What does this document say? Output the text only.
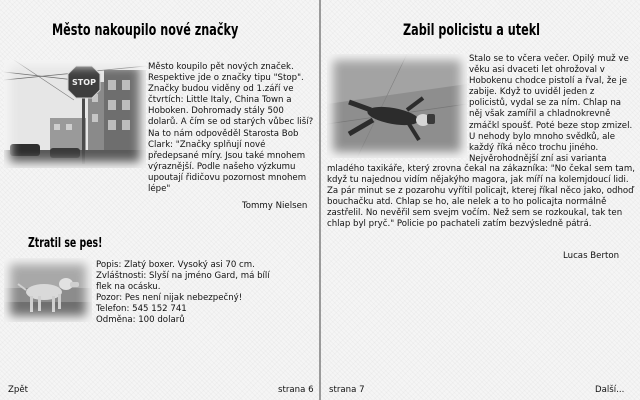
Město nakoupilo nové značky
STOP

Město koupilo pět nových značek. Respektive jde o značky tipu "Stop". Značky budou viděny od 1.září ve čtvrtích: Little Italy, China Town a Hoboken. Dohromady stály 500 dolarů. A čím se od starých vůbec liší? Na to nám odpověděl Starosta Bob Clark: "Značky splňují nové předepsané míry. Jsou také mnohem výraznější. Podle našeho výzkumu upoutají řidičovu pozornost mnohem lépe"

Tommy Nielsen

Ztratil se pes!
Popis: Zlatý boxer. Vysoký asi 70 cm.
Zvláštnosti: Slyší na jméno Gard, má bílí flek na ocásku.
Pozor: Pes není nijak nebezpečný!
Telefon: 545 152 741
Odměna: 100 dolarů

Zpět	strana 6

Zabil policistu a utekl

Stalo se to včera večer. Opilý muž ve věku asi dvaceti let ohrožoval v Hobokenu chodce pistolí a řval, že je zabije. Když to uviděl jeden z policistů, vydal se za ním. Chlap na něj však zamířil a chladnokrevně zmáčkl spoušť. Poté beze stop zmizel. U nehody bylo mnoho svědků, ale každý říká něco trochu jiného. Nejvěrohodnější zní asi varianta

mladého taxikáře, který zrovna čekal na zákazníka: "No čekal sem tam, když tu najednou vidím nějakýho magora, jak míří na kolemjdoucí lidi. Za pár minut se z pozarohu vyřítil policajt, kterej říkal něco jako, odhoď bouchačku atd. Chlap se ho, ale nelek a to ho policajta normálně zastřelil. No nevěřil sem svejm vočím. Než sem se rozkoukal, tak ten chlap byl pryč." Policie po pachateli zatím bezvýsledně pátrá.

Lucas Berton

strana 7	Další...
